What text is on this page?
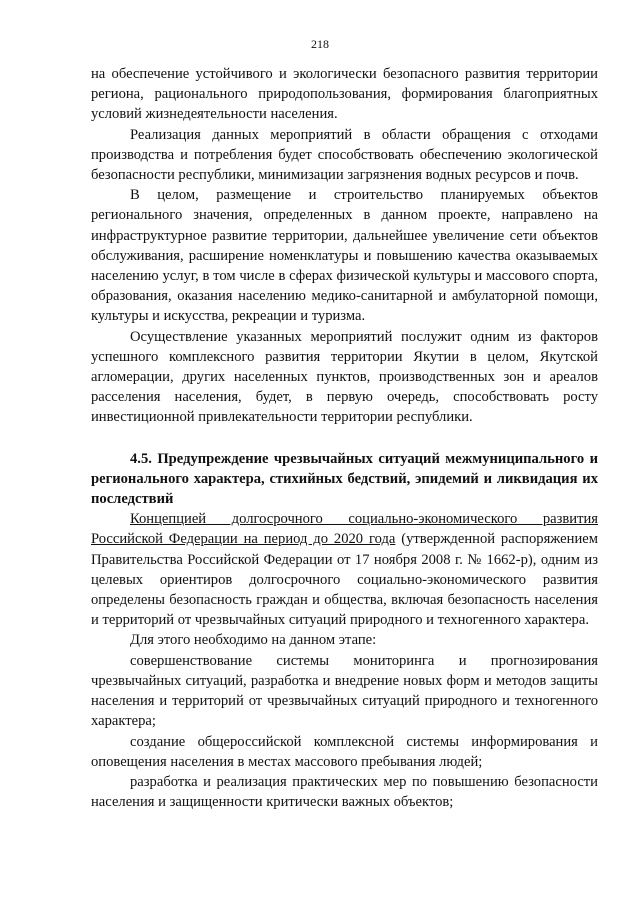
218

на обеспечение устойчивого и экологически безопасного развития территории региона, рационального природопользования, формирования благоприятных условий жизнедеятельности населения.

Реализация данных мероприятий в области обращения с отходами производства и потребления будет способствовать обеспечению экологической безопасности республики, минимизации загрязнения водных ресурсов и почв.

В целом, размещение и строительство планируемых объектов регионального значения, определенных в данном проекте, направлено на инфраструктурное развитие территории, дальнейшее увеличение сети объектов обслуживания, расширение номенклатуры и повышению качества оказываемых населению услуг, в том числе в сферах физической культуры и массового спорта, образования, оказания населению медико-санитарной и амбулаторной помощи, культуры и искусства, рекреации и туризма.

Осуществление указанных мероприятий послужит одним из факторов успешного комплексного развития территории Якутии в целом, Якутской агломерации, других населенных пунктов, производственных зон и ареалов расселения населения, будет, в первую очередь, способствовать росту инвестиционной привлекательности территории республики.

4.5. Предупреждение чрезвычайных ситуаций межмуниципального и регионального характера, стихийных бедствий, эпидемий и ликвидация их последствий

Концепцией долгосрочного социально-экономического развития Российской Федерации на период до 2020 года (утвержденной распоряжением Правительства Российской Федерации от 17 ноября 2008 г. № 1662-р), одним из целевых ориентиров долгосрочного социально-экономического развития определены безопасность граждан и общества, включая безопасность населения и территорий от чрезвычайных ситуаций природного и техногенного характера.

Для этого необходимо на данном этапе:

совершенствование системы мониторинга и прогнозирования чрезвычайных ситуаций, разработка и внедрение новых форм и методов защиты населения и территорий от чрезвычайных ситуаций природного и техногенного характера;

создание общероссийской комплексной системы информирования и оповещения населения в местах массового пребывания людей;

разработка и реализация практических мер по повышению безопасности населения и защищенности критически важных объектов;
